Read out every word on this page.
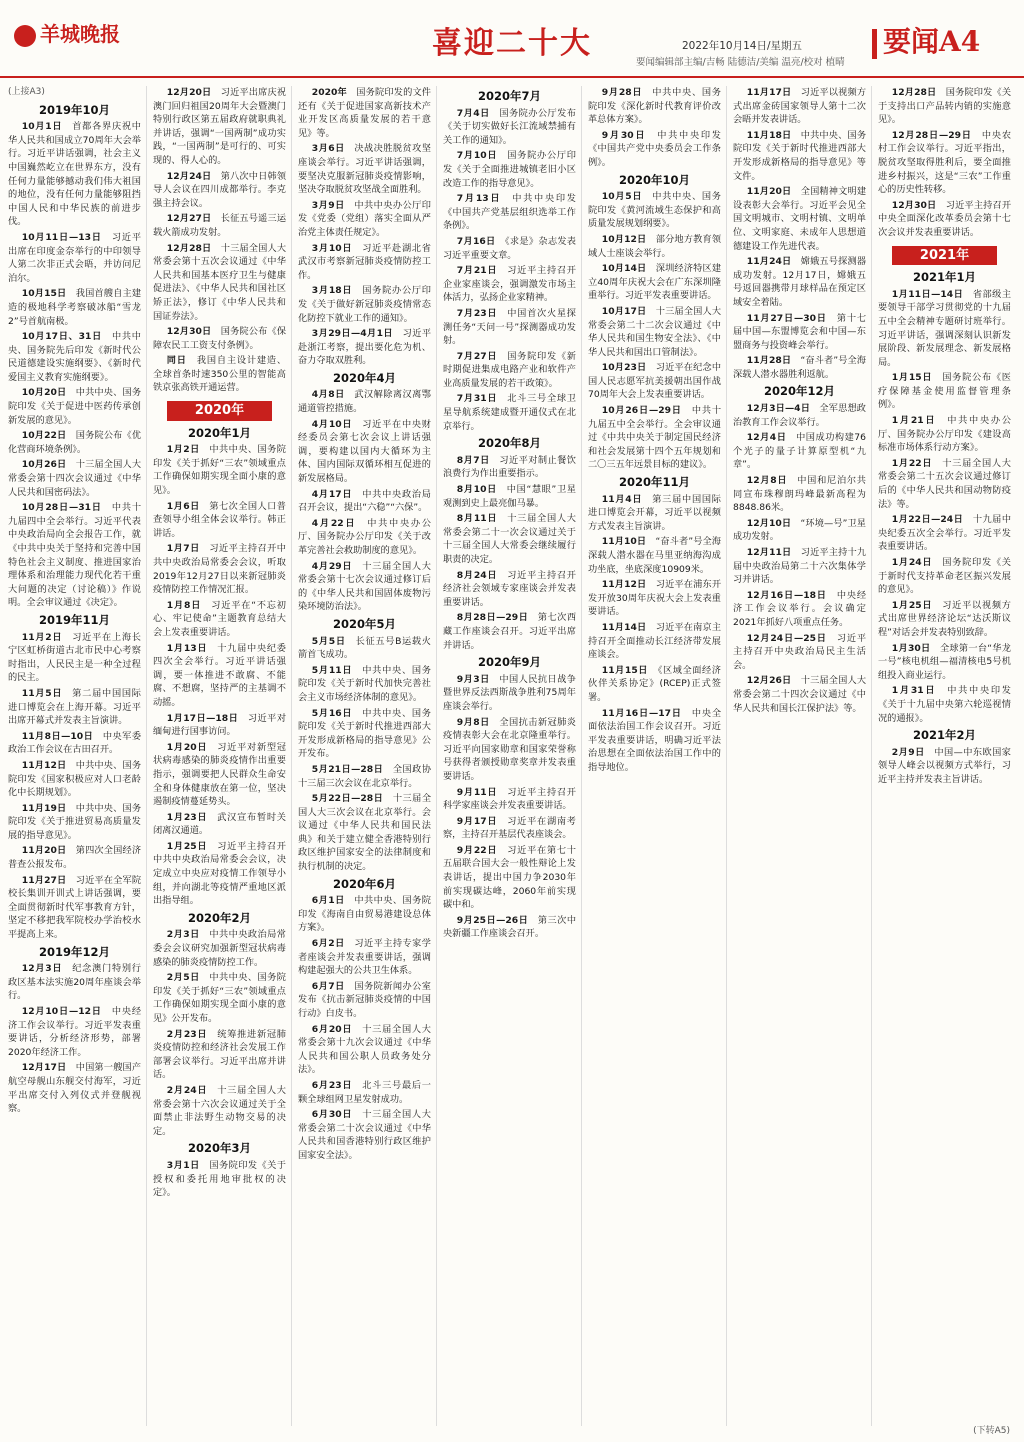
羊城晚报	喜迎二十大	2022年10月14日/星期五
要闻编辑部主编/吉畅 陆德洁/美编 温亮/校对 植晴
要闻A4
(上接A3)
2019年10月

10月1日　首都各界庆祝中华人民共和国成立70周年大会举行。习近平讲话强调，社会主义中国巍然屹立在世界东方，没有任何力量能够撼动我们伟大祖国的地位，没有任何力量能够阻挡中国人民和中华民族的前进步伐。

10月11日—13日　习近平出席在印度金奈举行的中印领导人第二次非正式会晤，并访问尼泊尔。

10月15日　我国首艘自主建造的极地科学考察破冰船“雪龙2”号首航南极。

10月17日、31日　中共中央、国务院先后印发《新时代公民道德建设实施纲要》、《新时代爱国主义教育实施纲要》。

10月20日　中共中央、国务院印发《关于促进中医药传承创新发展的意见》。

10月22日　国务院公布《优化营商环境条例》。

10月26日　十三届全国人大常委会第十四次会议通过《中华人民共和国密码法》。

10月28日—31日　中共十九届四中全会举行。习近平代表中央政治局向全会报告工作，就《中共中央关于坚持和完善中国特色社会主义制度、推进国家治理体系和治理能力现代化若干重大问题的决定（讨论稿）》作说明。全会审议通过《决定》。

2019年11月

11月2日　习近平在上海长宁区虹桥街道古北市民中心考察时指出，人民民主是一种全过程的民主。

11月5日　第二届中国国际进口博览会在上海开幕。习近平出席开幕式并发表主旨演讲。

11月8日—10日　中央军委政治工作会议在古田召开。

11月12日　中共中央、国务院印发《国家积极应对人口老龄化中长期规划》。

11月19日　中共中央、国务院印发《关于推进贸易高质量发展的指导意见》。

11月20日　第四次全国经济普查公报发布。

11月27日　习近平在全军院校长集训开训式上讲话强调，要全面贯彻新时代军事教育方针，坚定不移把我军院校办学治校水平提高上来。

2019年12月

12月3日　纪念澳门特别行政区基本法实施20周年座谈会举行。

12月10日—12日　中央经济工作会议举行。习近平发表重要讲话，分析经济形势，部署2020年经济工作。

12月17日　中国第一艘国产航空母舰山东舰交付海军，习近平出席交付入列仪式并登舰视察。

12月20日　习近平出席庆祝澳门回归祖国20周年大会暨澳门特别行政区第五届政府就职典礼并讲话，强调“一国两制”成功实践，“一国两制”是可行的、可实现的、得人心的。

12月24日　第八次中日韩领导人会议在四川成都举行。李克强主持会议。

12月27日　长征五号遥三运载火箭成功发射。

12月28日　十三届全国人大常委会第十五次会议通过《中华人民共和国基本医疗卫生与健康促进法》、《中华人民共和国社区矫正法》，修订《中华人民共和国证券法》。

12月30日　国务院公布《保障农民工工资支付条例》。

同日　我国自主设计建造、全球首条时速350公里的智能高铁京张高铁开通运营。

2020年
2020年1月

1月2日　中共中央、国务院印发《关于抓好“三农”领域重点工作确保如期实现全面小康的意见》。

1月6日　第七次全国人口普查领导小组全体会议举行。韩正讲话。

1月7日　习近平主持召开中共中央政治局常委会会议，听取2019年12月27日以来新冠肺炎疫情防控工作情况汇报。

1月8日　习近平在“不忘初心、牢记使命”主题教育总结大会上发表重要讲话。

1月13日　十九届中央纪委四次全会举行。习近平讲话强调，要一体推进不敢腐、不能腐、不想腐，坚持严的主基调不动摇。

1月17日—18日　习近平对缅甸进行国事访问。

1月20日　习近平对新型冠状病毒感染的肺炎疫情作出重要指示，强调要把人民群众生命安全和身体健康放在第一位，坚决遏制疫情蔓延势头。

1月23日　武汉宣布暂时关闭离汉通道。

1月25日　习近平主持召开中共中央政治局常委会会议，决定成立中央应对疫情工作领导小组，并向湖北等疫情严重地区派出指导组。

2020年2月

2月3日　中共中央政治局常委会会议研究加强新型冠状病毒感染的肺炎疫情防控工作。

2月5日　中共中央、国务院印发《关于抓好“三农”领域重点工作确保如期实现全面小康的意见》公开发布。

2月23日　统筹推进新冠肺炎疫情防控和经济社会发展工作部署会议举行。习近平出席并讲话。

2月24日　十三届全国人大常委会第十六次会议通过关于全面禁止非法野生动物交易的决定。

2020年3月

3月1日　国务院印发《关于授权和委托用地审批权的决定》。

2020年　国务院印发的文件还有《关于促进国家高新技术产业开发区高质量发展的若干意见》等。

3月6日　决战决胜脱贫攻坚座谈会举行。习近平讲话强调，要坚决克服新冠肺炎疫情影响，坚决夺取脱贫攻坚战全面胜利。

3月9日　中共中央办公厅印发《党委（党组）落实全面从严治党主体责任规定》。

3月10日　习近平赴湖北省武汉市考察新冠肺炎疫情防控工作。

3月18日　国务院办公厅印发《关于做好新冠肺炎疫情常态化防控下就业工作的通知》。

3月29日—4月1日　习近平赴浙江考察，提出要化危为机、奋力夺取双胜利。

2020年4月

4月8日　武汉解除离汉离鄂通道管控措施。

4月10日　习近平在中央财经委员会第七次会议上讲话强调，要构建以国内大循环为主体、国内国际双循环相互促进的新发展格局。

4月17日　中共中央政治局召开会议，提出“六稳”“六保”。

4月22日　中共中央办公厅、国务院办公厅印发《关于改革完善社会救助制度的意见》。

4月29日　十三届全国人大常委会第十七次会议通过修订后的《中华人民共和国固体废物污染环境防治法》。

2020年5月

5月5日　长征五号B运载火箭首飞成功。

5月11日　中共中央、国务院印发《关于新时代加快完善社会主义市场经济体制的意见》。

5月16日　中共中央、国务院印发《关于新时代推进西部大开发形成新格局的指导意见》公开发布。

5月21日—28日　全国政协十三届三次会议在北京举行。

5月22日—28日　十三届全国人大三次会议在北京举行。会议通过《中华人民共和国民法典》和关于建立健全香港特别行政区维护国家安全的法律制度和执行机制的决定。

2020年6月

6月1日　中共中央、国务院印发《海南自由贸易港建设总体方案》。

6月2日　习近平主持专家学者座谈会并发表重要讲话，强调构建起强大的公共卫生体系。

6月7日　国务院新闻办公室发布《抗击新冠肺炎疫情的中国行动》白皮书。

6月20日　十三届全国人大常委会第十九次会议通过《中华人民共和国公职人员政务处分法》。

6月23日　北斗三号最后一颗全球组网卫星发射成功。

6月30日　十三届全国人大常委会第二十次会议通过《中华人民共和国香港特别行政区维护国家安全法》。

2020年7月

7月4日　国务院办公厅发布《关于切实做好长江流域禁捕有关工作的通知》。

7月10日　国务院办公厅印发《关于全面推进城镇老旧小区改造工作的指导意见》。

7月13日　中共中央印发《中国共产党基层组织选举工作条例》。

7月16日　《求是》杂志发表习近平重要文章。

7月21日　习近平主持召开企业家座谈会，强调激发市场主体活力，弘扬企业家精神。

7月23日　中国首次火星探测任务“天问一号”探测器成功发射。

7月27日　国务院印发《新时期促进集成电路产业和软件产业高质量发展的若干政策》。

7月31日　北斗三号全球卫星导航系统建成暨开通仪式在北京举行。

2020年8月

8月7日　习近平对制止餐饮浪费行为作出重要指示。

8月10日　中国“慧眼”卫星观测到史上最亮伽马暴。

8月11日　十三届全国人大常委会第二十一次会议通过关于十三届全国人大常委会继续履行职责的决定。

8月24日　习近平主持召开经济社会领域专家座谈会并发表重要讲话。

8月28日—29日　第七次西藏工作座谈会召开。习近平出席并讲话。

2020年9月

9月3日　中国人民抗日战争暨世界反法西斯战争胜利75周年座谈会举行。

9月8日　全国抗击新冠肺炎疫情表彰大会在北京隆重举行。习近平向国家勋章和国家荣誉称号获得者颁授勋章奖章并发表重要讲话。

9月11日　习近平主持召开科学家座谈会并发表重要讲话。

9月17日　习近平在湖南考察，主持召开基层代表座谈会。

9月22日　习近平在第七十五届联合国大会一般性辩论上发表讲话，提出中国力争2030年前实现碳达峰，2060年前实现碳中和。

9月25日—26日　第三次中央新疆工作座谈会召开。

9月28日　中共中央、国务院印发《深化新时代教育评价改革总体方案》。

9月30日　中共中央印发《中国共产党中央委员会工作条例》。

2020年10月

10月5日　中共中央、国务院印发《黄河流域生态保护和高质量发展规划纲要》。

10月12日　部分地方教育领域人士座谈会举行。

10月14日　深圳经济特区建立40周年庆祝大会在广东深圳隆重举行。习近平发表重要讲话。

10月17日　十三届全国人大常委会第二十二次会议通过《中华人民共和国生物安全法》、《中华人民共和国出口管制法》。

10月23日　习近平在纪念中国人民志愿军抗美援朝出国作战70周年大会上发表重要讲话。

10月26日—29日　中共十九届五中全会举行。全会审议通过《中共中央关于制定国民经济和社会发展第十四个五年规划和二〇三五年远景目标的建议》。

2020年11月

11月4日　第三届中国国际进口博览会开幕，习近平以视频方式发表主旨演讲。

11月10日　“奋斗者”号全海深载人潜水器在马里亚纳海沟成功坐底，坐底深度10909米。

11月12日　习近平在浦东开发开放30周年庆祝大会上发表重要讲话。

11月14日　习近平在南京主持召开全面推动长江经济带发展座谈会。

11月15日　《区域全面经济伙伴关系协定》(RCEP)正式签署。

11月16日—17日　中央全面依法治国工作会议召开。习近平发表重要讲话，明确习近平法治思想在全面依法治国工作中的指导地位。

11月17日　习近平以视频方式出席金砖国家领导人第十二次会晤并发表讲话。

11月18日　中共中央、国务院印发《关于新时代推进西部大开发形成新格局的指导意见》等文件。

11月20日　全国精神文明建设表彰大会举行。习近平会见全国文明城市、文明村镇、文明单位、文明家庭、未成年人思想道德建设工作先进代表。

11月24日　嫦娥五号探测器成功发射。12月17日，嫦娥五号返回器携带月球样品在预定区域安全着陆。

11月27日—30日　第十七届中国—东盟博览会和中国—东盟商务与投资峰会举行。

11月28日　“奋斗者”号全海深载人潜水器胜利返航。

2020年12月

12月3日—4日　全军思想政治教育工作会议举行。

12月4日　中国成功构建76个光子的量子计算原型机“九章”。

12月8日　中国和尼泊尔共同宣布珠穆朗玛峰最新高程为8848.86米。

12月10日　“环境—号”卫星成功发射。

12月11日　习近平主持十九届中央政治局第二十六次集体学习并讲话。

12月16日—18日　中央经济工作会议举行。会议确定2021年抓好八项重点任务。

12月24日—25日　习近平主持召开中央政治局民主生活会。

12月26日　十三届全国人大常委会第二十四次会议通过《中华人民共和国长江保护法》等。

12月28日　国务院印发《关于支持出口产品转内销的实施意见》。

12月28日—29日　中央农村工作会议举行。习近平指出，脱贫攻坚取得胜利后，要全面推进乡村振兴，这是“三农”工作重心的历史性转移。

12月30日　习近平主持召开中央全面深化改革委员会第十七次会议并发表重要讲话。

2021年
2021年1月

1月11日—14日　省部级主要领导干部学习贯彻党的十九届五中全会精神专题研讨班举行。习近平讲话，强调深刻认识新发展阶段、新发展理念、新发展格局。

1月15日　国务院公布《医疗保障基金使用监督管理条例》。

1月21日　中共中央办公厅、国务院办公厅印发《建设高标准市场体系行动方案》。

1月22日　十三届全国人大常委会第二十五次会议通过修订后的《中华人民共和国动物防疫法》等。

1月22日—24日　十九届中央纪委五次全会举行。习近平发表重要讲话。

1月24日　国务院印发《关于新时代支持革命老区振兴发展的意见》。

1月25日　习近平以视频方式出席世界经济论坛“达沃斯议程”对话会并发表特别致辞。

1月30日　全球第一台“华龙一号”核电机组—福清核电5号机组投入商业运行。

1月31日　中共中央印发《关于十九届中央第六轮巡视情况的通报》。

2021年2月

2月9日　中国—中东欧国家领导人峰会以视频方式举行，习近平主持并发表主旨讲话。

(下转A5)
